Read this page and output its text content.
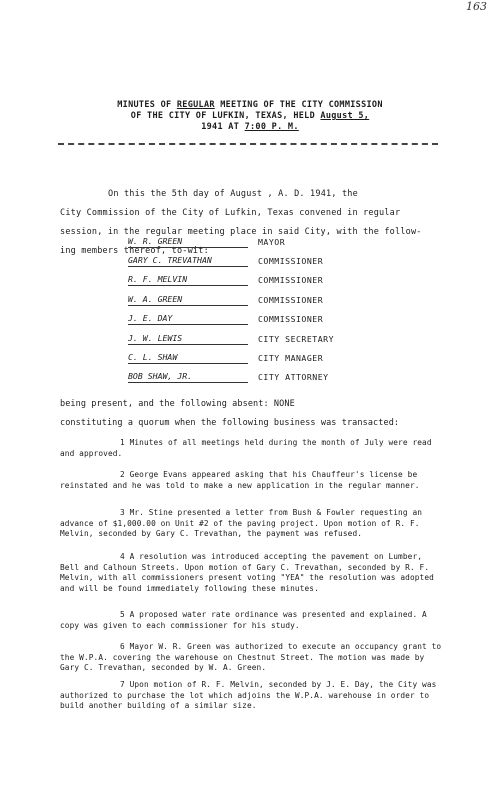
163
MINUTES OF REGULAR MEETING OF THE CITY COMMISSION
OF THE CITY OF LUFKIN, TEXAS, HELD August 5,
1941 AT 7:00 P. M.
On this the 5th day of August , A. D. 1941, the
City Commission of the City of Lufkin, Texas convened in regular
session, in the regular meeting place in said City, with the follow-
ing members thereof, to-wit:
W. R. GREEN	MAYOR
GARY C. TREVATHAN	COMMISSIONER
R. F. MELVIN	COMMISSIONER
W. A. GREEN	COMMISSIONER
J. E. DAY	COMMISSIONER
J. W. LEWIS	CITY SECRETARY
C. L. SHAW	CITY MANAGER
BOB SHAW, JR.	CITY ATTORNEY
being present, and the following absent: NONE
constituting a quorum when the following business was transacted:
1 Minutes of all meetings held during the month of July were read and approved.
2 George Evans appeared asking that his Chauffeur's license be reinstated and he was told to make a new application in the regular manner.
3 Mr. Stine presented a letter from Bush & Fowler requesting an advance of $1,000.00 on Unit #2 of the paving project. Upon motion of R. F. Melvin, seconded by Gary C. Trevathan, the payment was refused.
4 A resolution was introduced accepting the pavement on Lumber, Bell and Calhoun Streets. Upon motion of Gary C. Trevathan, seconded by R. F. Melvin, with all commissioners present voting "YEA" the resolution was adopted and will be found immediately following these minutes.
5 A proposed water rate ordinance was presented and explained. A copy was given to each commissioner for his study.
6 Mayor W. R. Green was authorized to execute an occupancy grant to the W.P.A. covering the warehouse on Chestnut Street. The motion was made by Gary C. Trevathan, seconded by W. A. Green.
7 Upon motion of R. F. Melvin, seconded by J. E. Day, the City was authorized to purchase the lot which adjoins the W.P.A. warehouse in order to build another building of a similar size.
